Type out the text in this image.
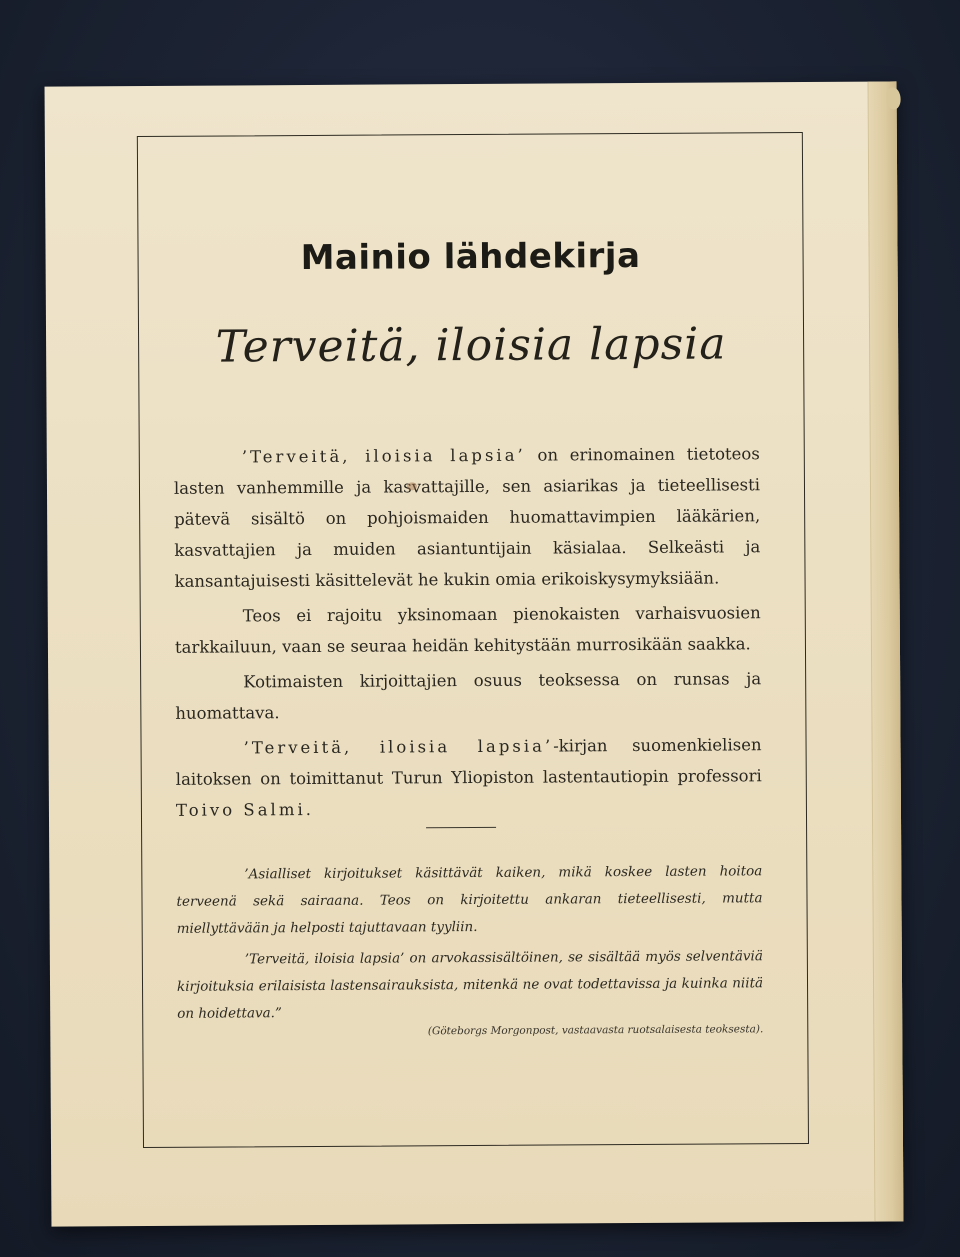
Mainio lähdekirja
Terveitä, iloisia lapsia

’Terveitä, iloisia lapsia’ on erinomainen tietoteos lasten vanhemmille ja kasvattajille, sen asiarikas ja tieteellisesti pätevä sisältö on pohjoismaiden huomattavimpien lääkärien, kasvattajien ja muiden asiantuntijain käsialaa. Selkeästi ja kansantajuisesti käsittelevät he kukin omia erikoiskysymyksiään.

Teos ei rajoitu yksinomaan pienokaisten varhaisvuosien tarkkailuun, vaan se seuraa heidän kehitystään murrosikään saakka.

Kotimaisten kirjoittajien osuus teoksessa on runsas ja huomattava.

’Terveitä, iloisia lapsia’-kirjan suomenkielisen laitoksen on toimittanut Turun Yliopiston lastentautiopin professori Toivo Salmi.

’Asialliset kirjoitukset käsittävät kaiken, mikä koskee lasten hoitoa terveenä sekä sairaana. Teos on kirjoitettu ankaran tieteellisesti, mutta miellyttävään ja helposti tajuttavaan tyyliin.

’Terveitä, iloisia lapsia’ on arvokassisältöinen, se sisältää myös selventäviä kirjoituksia erilaisista lastensairauksista, mitenkä ne ovat todettavissa ja kuinka niitä on hoidettava.”

(Göteborgs Morgonpost, vastaavasta ruotsalaisesta teoksesta).
